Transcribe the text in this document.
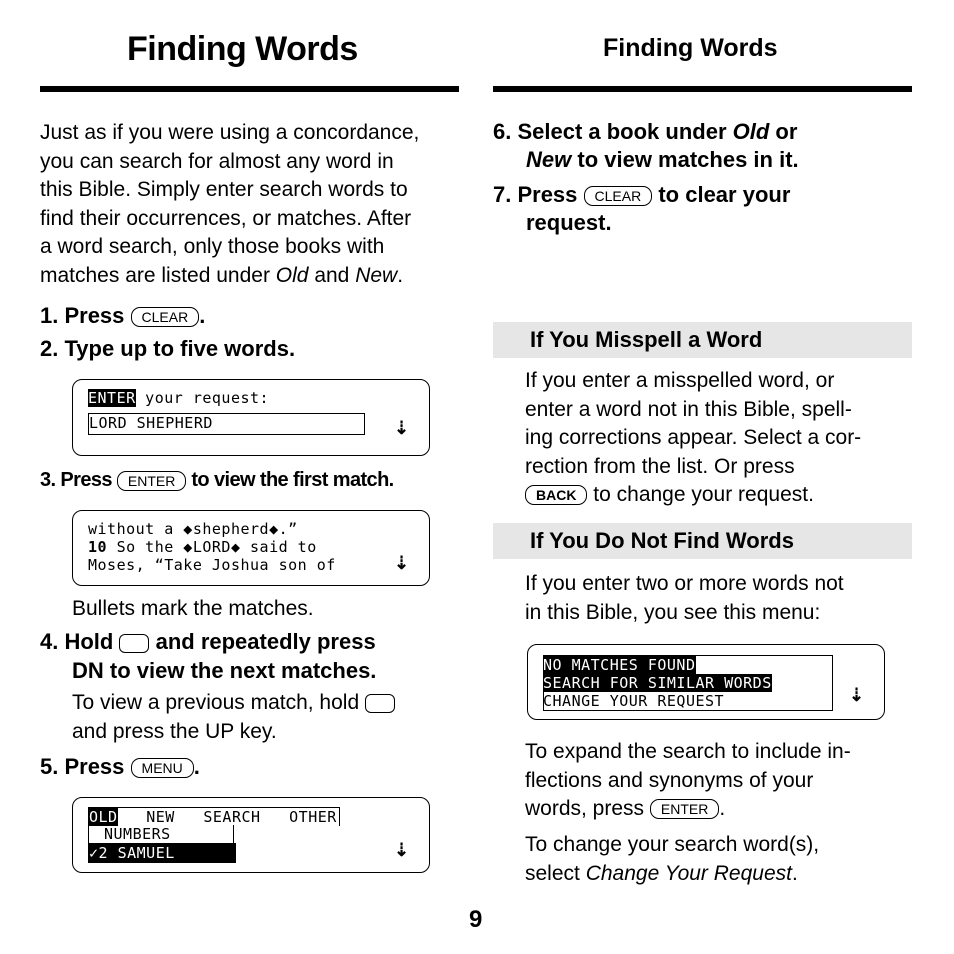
Finding Words
Just as if you were using a concordance,
you can search for almost any word in
this Bible. Simply enter search words to
find their occurrences, or matches. After
a word search, only those books with
matches are listed under Old and New.
1. Press CLEAR .
2. Type up to five words.
ENTER your request:
LORD SHEPHERD	⇣
3. Press ENTER to view the first match.
without a ◆shepherd◆.”
10 So the ◆LORD◆ said to
Moses, “Take Joshua son of	⇣
Bullets mark the matches.
4. Hold and repeatedly press
DN to view the next matches.
To view a previous match, hold
and press the UP key.
5. Press MENU .
OLD NEW SEARCH OTHER
NUMBERS
✓2 SAMUEL	⇣
Finding Words
6. Select a book under Old or
New to view matches in it.
7. Press CLEAR to clear your
request.
If You Misspell a Word
If you enter a misspelled word, or
enter a word not in this Bible, spell-
ing corrections appear. Select a cor-
rection from the list. Or press
BACK to change your request.
If You Do Not Find Words
If you enter two or more words not
in this Bible, you see this menu:
NO MATCHES FOUND
SEARCH FOR SIMILAR WORDS
CHANGE YOUR REQUEST	⇣
To expand the search to include in-
flections and synonyms of your
words, press ENTER .
To change your search word(s),
select Change Your Request.
9
